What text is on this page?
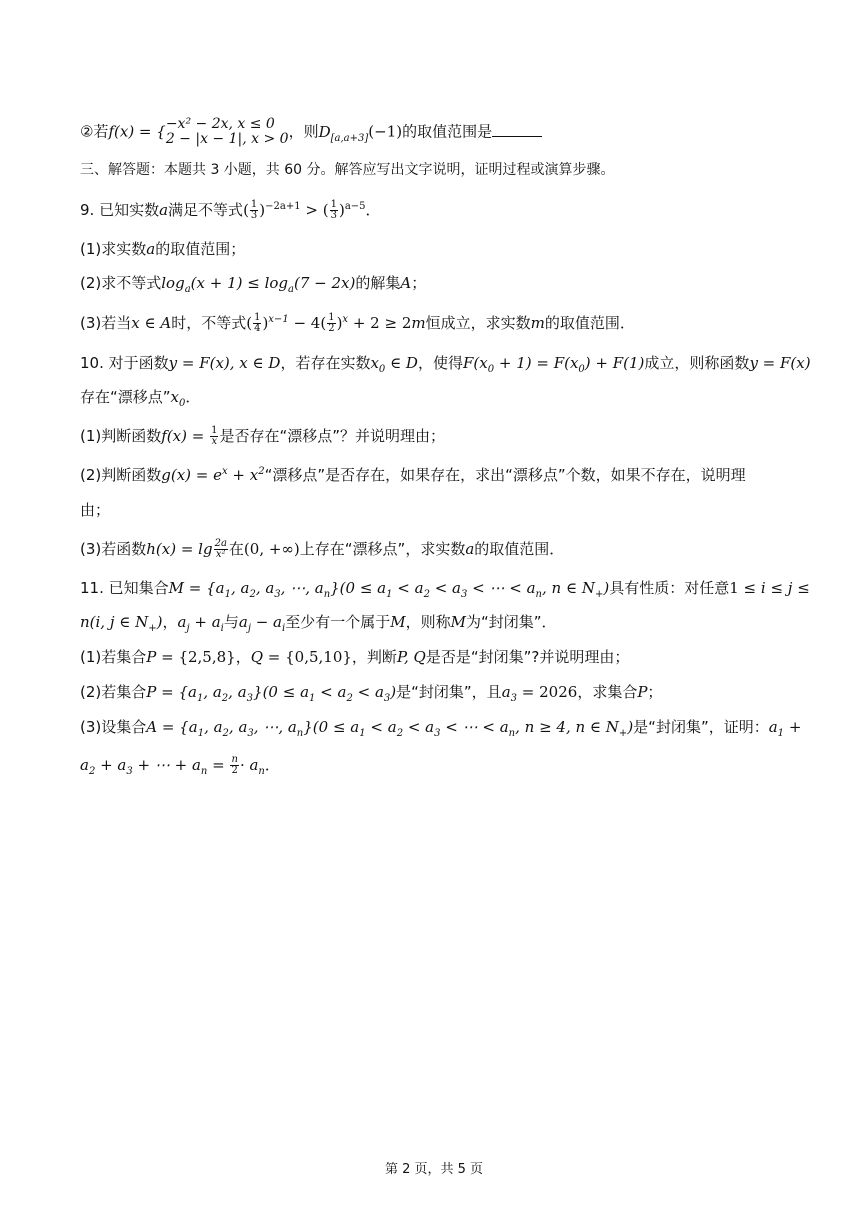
②若f(x) = { −x² − 2x, x ≤ 0
2 − |x − 1|, x > 0 ，则$D_{[a,a+3]}(-1)$的取值范围是
三、解答题：本题共 3 小题，共 60 分。解答应写出文字说明，证明过程或演算步骤。
9. 已知实数a满足不等式( $\frac{1}{3} )^{-2a+1}$ > ( $\frac{1}{3} )^{a-5}$．
(1)求实数a的取值范围；
(2)求不等式$\log_a(x + 1) \le \log_a(7 - 2x)$的解集A；
(3)若当x ∈ A时，不等式( $\frac{1}{4} )^{x-1} - 4( \frac{1}{2} )^x + 2 \ge 2m$恒成立，求实数m的取值范围．
10. 对于函数y = F(x), x ∈ D，若存在实数$x_0$ ∈ D，使得$F(x_0 + 1) = F(x_0) + F(1)$成立，则称函数y = F(x)
存在“漂移点$”x_0$．
(1)判断函数$f(x) = \frac{1}{x}$ 是否存在“漂移点”？并说明理由；
(2)判断函数$g(x) = e^x$ + $x^2“$漂移点”是否存在，如果存在，求出“漂移点”个数，如果不存在，说明理
由；
(3)若函数$h(x) = \lg \frac{2a}{\text{x²}}$ 在(0, +∞)上存在“漂移点”，求实数a的取值范围．
11. 已知集合$M = \{a_1$, $a_2$, $a_3$, ⋯, $a_n\}(0 \le a_1 < a_2 < a_3$ < ⋯ < $a_n$, n ∈ $N_+$)具有性质：对任意1 ≤ i ≤ j ≤
n(i, j ∈ $N_+$)，$a_j + a_i$与$a_j - a_i$至少有一个属于M，则称M为“封闭集”．
(1)若集合P = {2,5,8}，Q = {0,5,10}，判断P, Q是否是“封闭集”?并说明理由；
(2)若集合$P = \{a_1$, $a_2$, $a_3\}(0 \le a_1 < a_2 < a_3)$是“封闭集”，且$a_3 = 2026$，求集合P；
(3)设集合$A = \{a_1$, $a_2$, $a_3$, ⋯, $a_n\}(0 \le a_1 < a_2 < a_3$ < ⋯ < $a_n$, n ≥ 4, n ∈ $N_+$)是“封闭集”，证明：$a_1$ +
$a_2 + a_3$ + ⋯ + $a_n = \frac{n}{2} \cdot a_n$．
第 2 页，共 5 页
